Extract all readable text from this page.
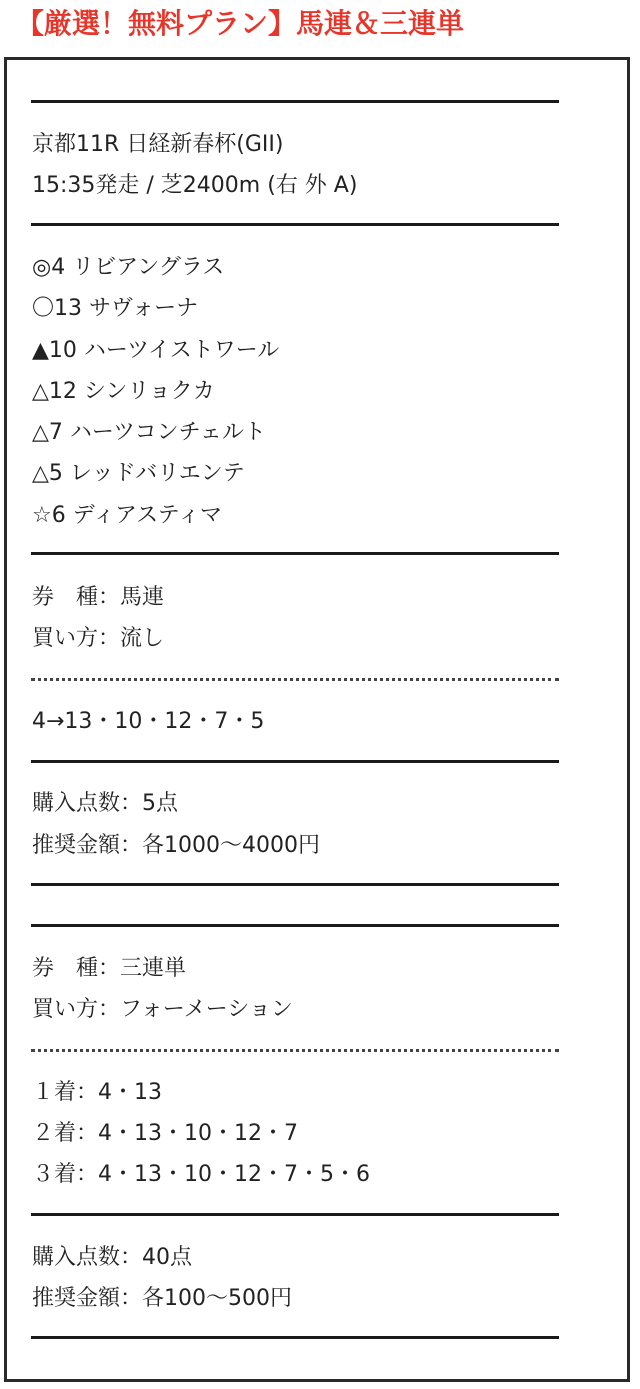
【厳選！無料プラン】馬連＆三連単

京都11R 日経新春杯(GII)

15:35発走 / 芝2400m (右 外 A)

◎4 リビアングラス

〇13 サヴォーナ

▲10 ハーツイストワール

△12 シンリョクカ

△7 ハーツコンチェルト

△5 レッドバリエンテ

☆6 ディアスティマ

券　種：馬連

買い方：流し

4→13・10・12・7・5

購入点数：5点

推奨金額：各1000～4000円

券　種：三連単

買い方：フォーメーション

１着：4・13

２着：4・13・10・12・7

３着：4・13・10・12・7・5・6

購入点数：40点

推奨金額：各100～500円
